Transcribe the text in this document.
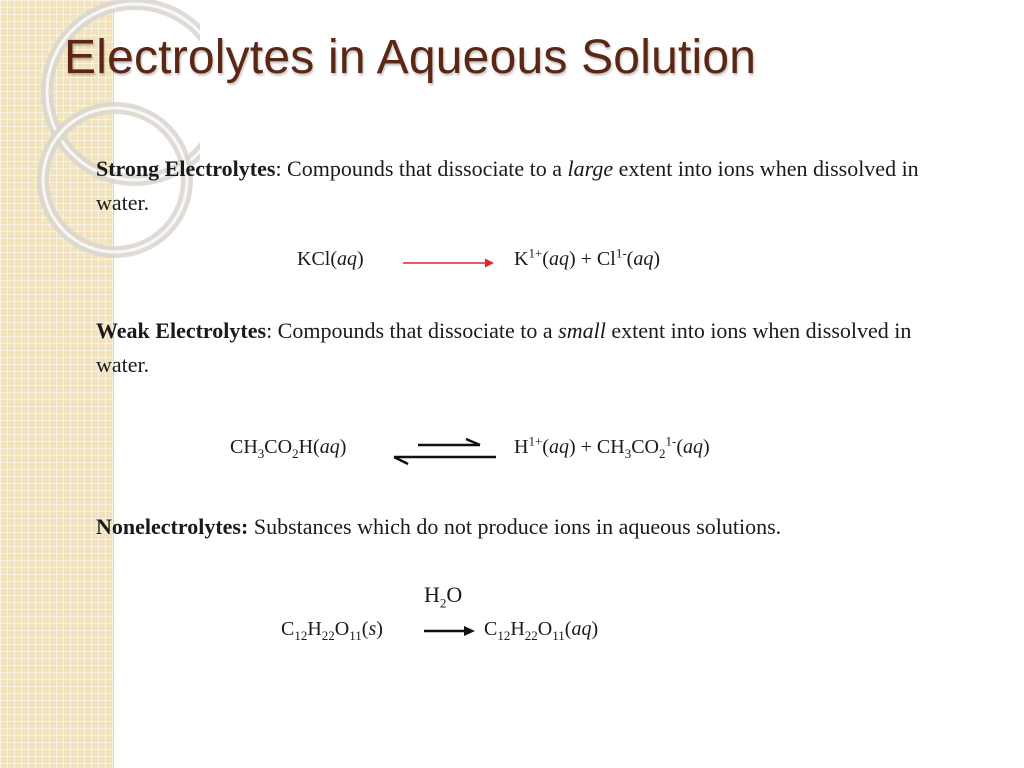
Electrolytes in Aqueous Solution
Strong Electrolytes: Compounds that dissociate to a large extent into ions when dissolved in water.
KCl(aq)	$K^{1+}(aq) + Cl^{1-}(aq)$
Weak Electrolytes: Compounds that dissociate to a small extent into ions when dissolved in water.
$CH_3CO_2H(aq)$	$H^{1+}(aq) + CH_3CO_2^{1-}(aq)$
Nonelectrolytes: Substances which do not produce ions in aqueous solutions.
$H_2O$
$C_{12}H_{22}O_{11}(s)$	$C_{12}H_{22}O_{11}(aq)$
